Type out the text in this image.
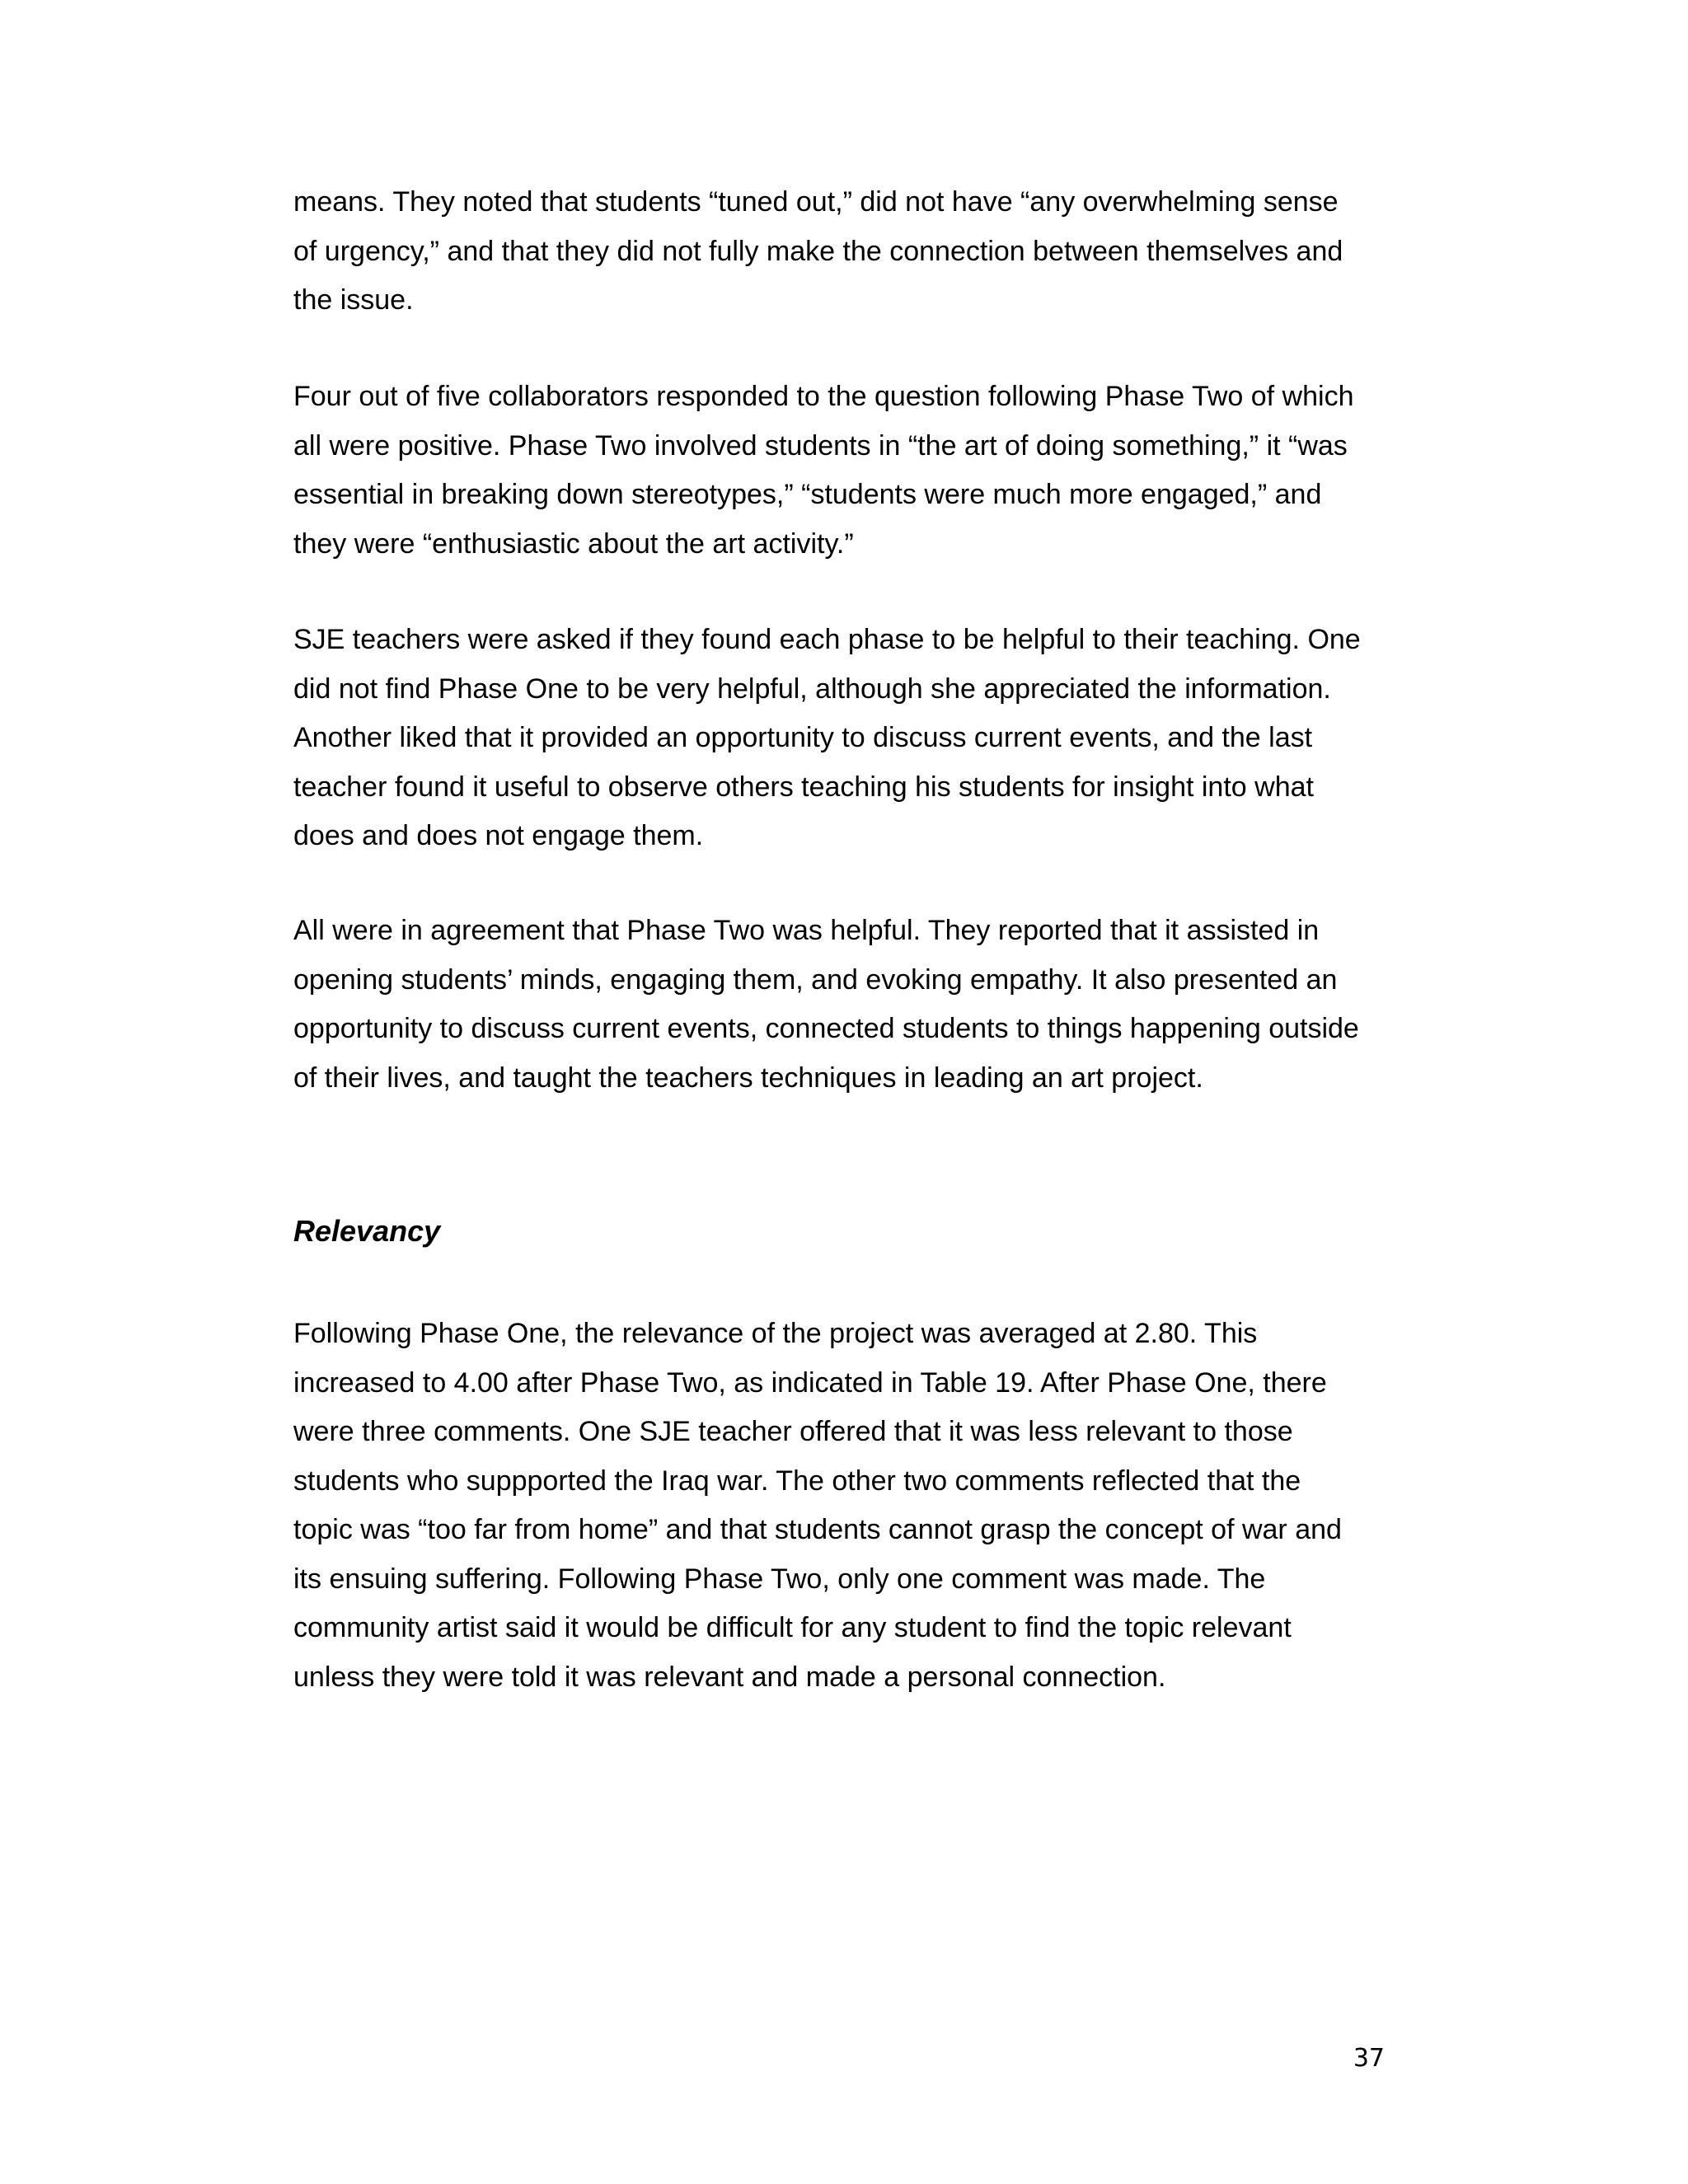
means. They noted that students “tuned out,” did not have “any overwhelming sense
of urgency,” and that they did not fully make the connection between themselves and
the issue.

Four out of five collaborators responded to the question following Phase Two of which
all were positive. Phase Two involved students in “the art of doing something,” it “was
essential in breaking down stereotypes,” “students were much more engaged,” and
they were “enthusiastic about the art activity.”

SJE teachers were asked if they found each phase to be helpful to their teaching. One
did not find Phase One to be very helpful, although she appreciated the information.
Another liked that it provided an opportunity to discuss current events, and the last
teacher found it useful to observe others teaching his students for insight into what
does and does not engage them.

All were in agreement that Phase Two was helpful. They reported that it assisted in
opening students’ minds, engaging them, and evoking empathy. It also presented an
opportunity to discuss current events, connected students to things happening outside
of their lives, and taught the teachers techniques in leading an art project.

Relevancy

Following Phase One, the relevance of the project was averaged at 2.80. This
increased to 4.00 after Phase Two, as indicated in Table 19. After Phase One, there
were three comments. One SJE teacher offered that it was less relevant to those
students who suppported the Iraq war. The other two comments reflected that the
topic was “too far from home” and that students cannot grasp the concept of war and
its ensuing suffering. Following Phase Two, only one comment was made. The
community artist said it would be difficult for any student to find the topic relevant
unless they were told it was relevant and made a personal connection.

37
